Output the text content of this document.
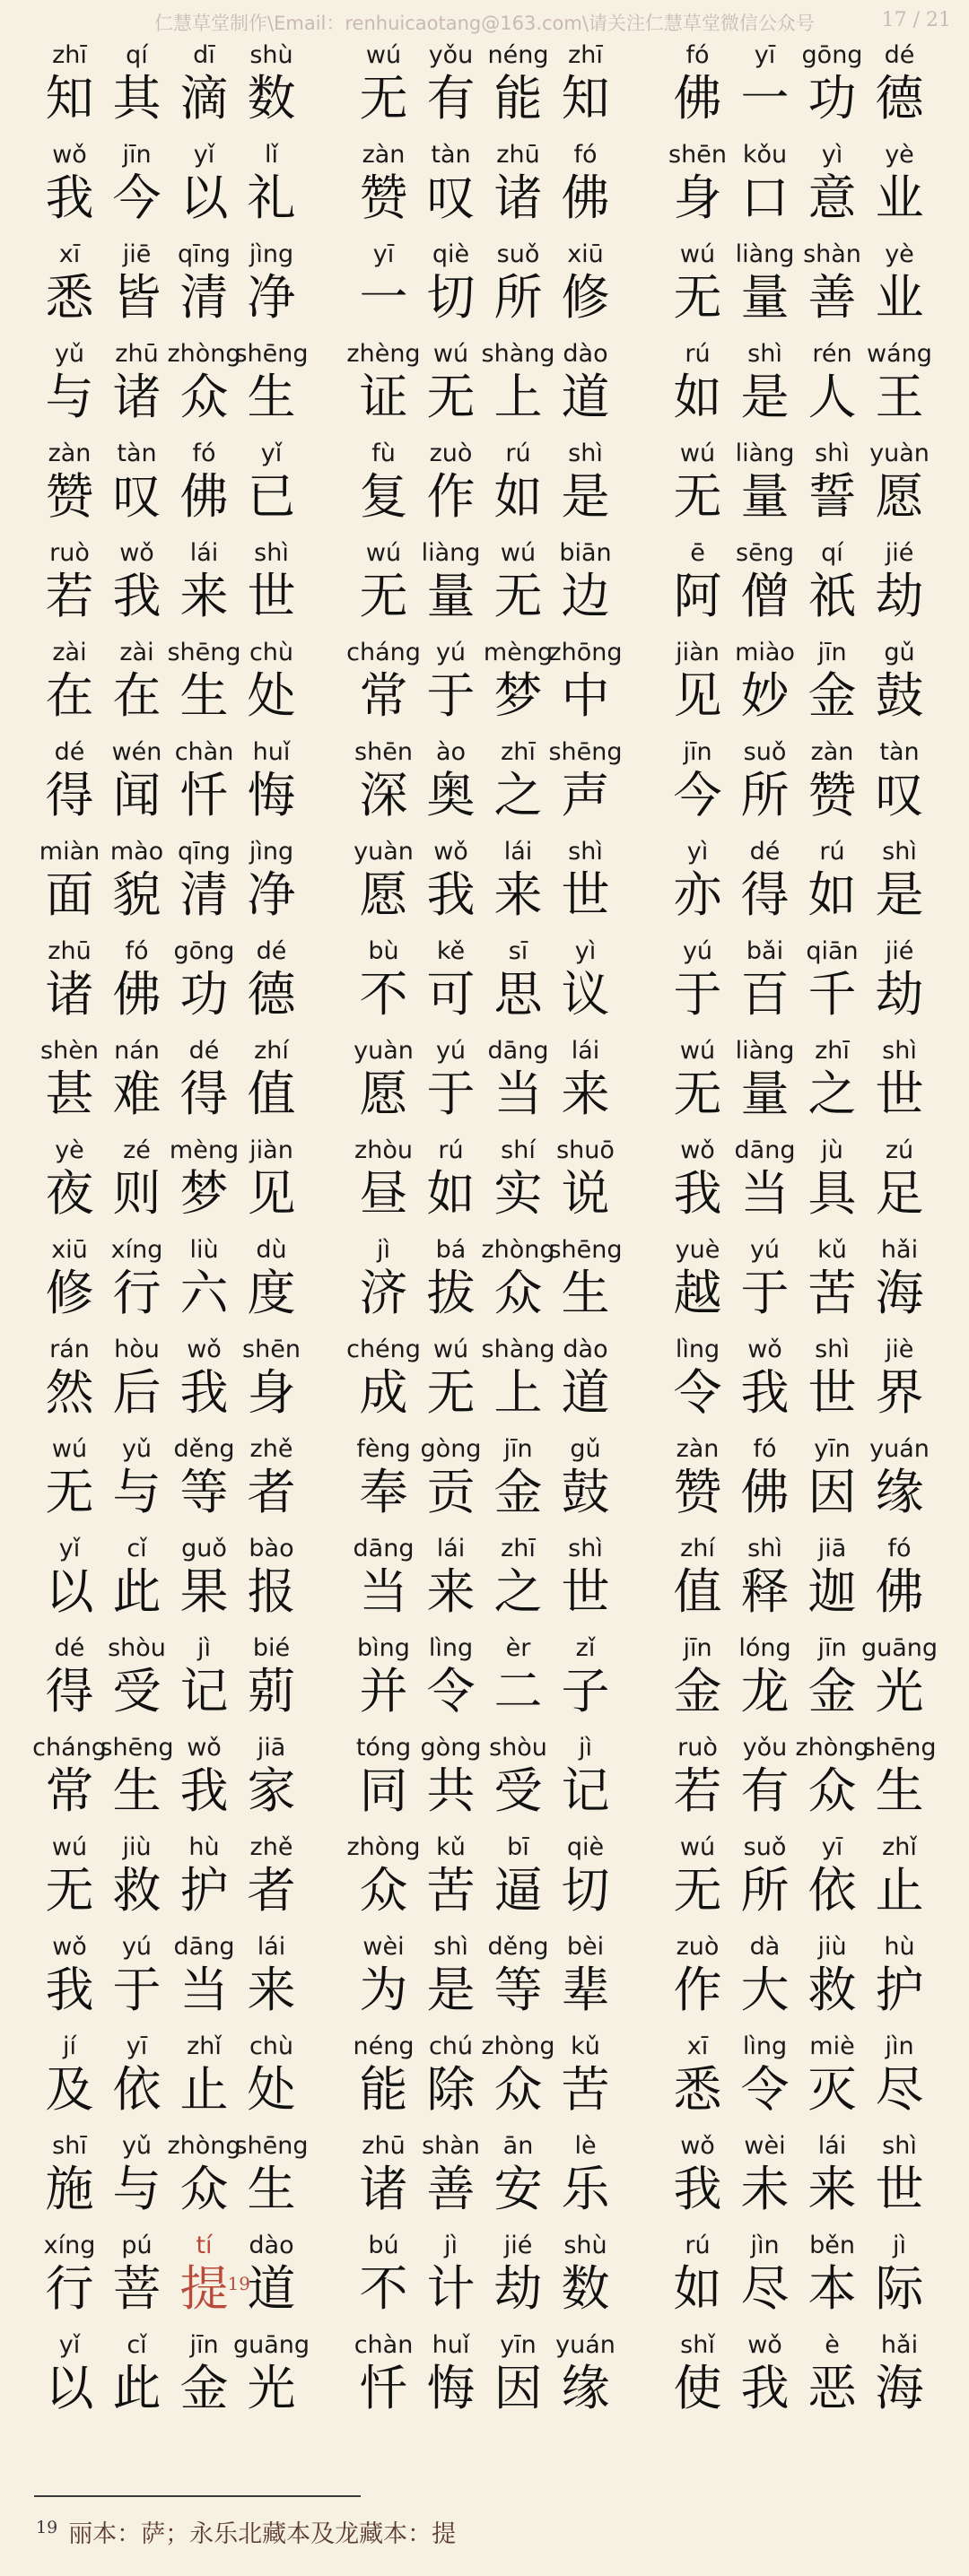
仁慧草堂制作\Email：renhuicaotang@163.com\请关注仁慧草堂微信公众号	17 / 21
zhī
知
qí
其
dī
滴
shù
数
wú
无
yǒu
有
néng
能
zhī
知
fó
佛
yī
一
gōng
功
dé
德
wǒ
我
jīn
今
yǐ
以
lǐ
礼
zàn
赞
tàn
叹
zhū
诸
fó
佛
shēn
身
kǒu
口
yì
意
yè
业
xī
悉
jiē
皆
qīng
清
jìng
净
yī
一
qiè
切
suǒ
所
xiū
修
wú
无
liàng
量
shàn
善
yè
业
yǔ
与
zhū
诸
zhòng
众
shēng
生
zhèng
证
wú
无
shàng
上
dào
道
rú
如
shì
是
rén
人
wáng
王
zàn
赞
tàn
叹
fó
佛
yǐ
已
fù
复
zuò
作
rú
如
shì
是
wú
无
liàng
量
shì
誓
yuàn
愿
ruò
若
wǒ
我
lái
来
shì
世
wú
无
liàng
量
wú
无
biān
边
ē
阿
sēng
僧
qí
祇
jié
劫
zài
在
zài
在
shēng
生
chù
处
cháng
常
yú
于
mèng
梦
zhōng
中
jiàn
见
miào
妙
jīn
金
gǔ
鼓
dé
得
wén
闻
chàn
忏
huǐ
悔
shēn
深
ào
奥
zhī
之
shēng
声
jīn
今
suǒ
所
zàn
赞
tàn
叹
miàn
面
mào
貌
qīng
清
jìng
净
yuàn
愿
wǒ
我
lái
来
shì
世
yì
亦
dé
得
rú
如
shì
是
zhū
诸
fó
佛
gōng
功
dé
德
bù
不
kě
可
sī
思
yì
议
yú
于
bǎi
百
qiān
千
jié
劫
shèn
甚
nán
难
dé
得
zhí
值
yuàn
愿
yú
于
dāng
当
lái
来
wú
无
liàng
量
zhī
之
shì
世
yè
夜
zé
则
mèng
梦
jiàn
见
zhòu
昼
rú
如
shí
实
shuō
说
wǒ
我
dāng
当
jù
具
zú
足
xiū
修
xíng
行
liù
六
dù
度
jì
济
bá
拔
zhòng
众
shēng
生
yuè
越
yú
于
kǔ
苦
hǎi
海
rán
然
hòu
后
wǒ
我
shēn
身
chéng
成
wú
无
shàng
上
dào
道
lìng
令
wǒ
我
shì
世
jiè
界
wú
无
yǔ
与
děng
等
zhě
者
fèng
奉
gòng
贡
jīn
金
gǔ
鼓
zàn
赞
fó
佛
yīn
因
yuán
缘
yǐ
以
cǐ
此
guǒ
果
bào
报
dāng
当
lái
来
zhī
之
shì
世
zhí
值
shì
释
jiā
迦
fó
佛
dé
得
shòu
受
jì
记
bié
莂
bìng
并
lìng
令
èr
二
zǐ
子
jīn
金
lóng
龙
jīn
金
guāng
光
cháng
常
shēng
生
wǒ
我
jiā
家
tóng
同
gòng
共
shòu
受
jì
记
ruò
若
yǒu
有
zhòng
众
shēng
生
wú
无
jiù
救
hù
护
zhě
者
zhòng
众
kǔ
苦
bī
逼
qiè
切
wú
无
suǒ
所
yī
依
zhǐ
止
wǒ
我
yú
于
dāng
当
lái
来
wèi
为
shì
是
děng
等
bèi
辈
zuò
作
dà
大
jiù
救
hù
护
jí
及
yī
依
zhǐ
止
chù
处
néng
能
chú
除
zhòng
众
kǔ
苦
xī
悉
lìng
令
miè
灭
jìn
尽
shī
施
yǔ
与
zhòng
众
shēng
生
zhū
诸
shàn
善
ān
安
lè
乐
wǒ
我
wèi
未
lái
来
shì
世
xíng
行
pú
菩
tí
提 19
dào
道
bú
不
jì
计
jié
劫
shù
数
rú
如
jìn
尽
běn
本
jì
际
yǐ
以
cǐ
此
jīn
金
guāng
光
chàn
忏
huǐ
悔
yīn
因
yuán
缘
shǐ
使
wǒ
我
è
恶
hǎi
海
$^{19}$ 丽本：萨；永乐北藏本及龙藏本：提
